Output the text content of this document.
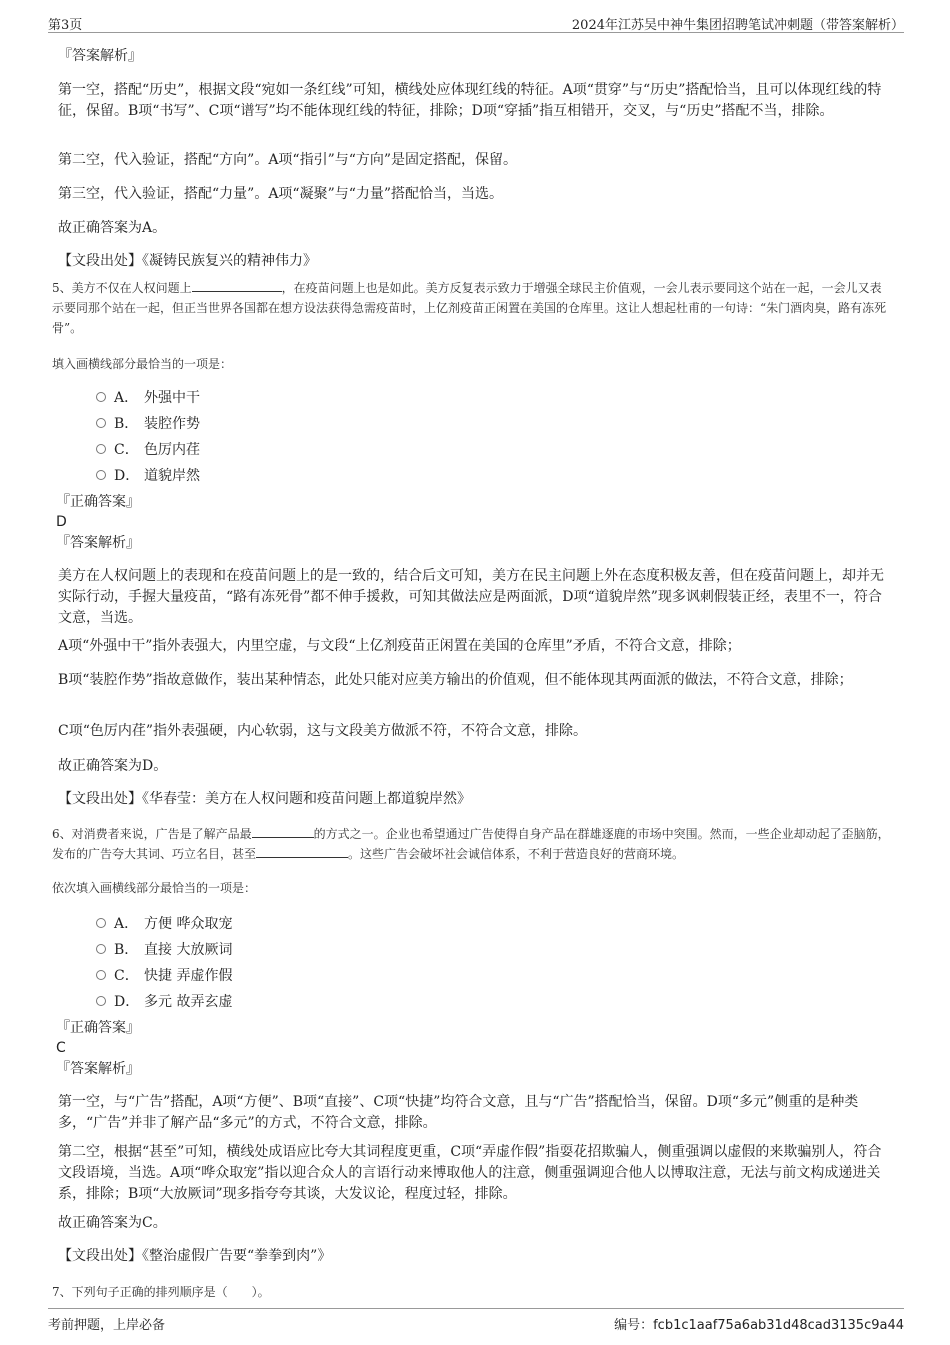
第3页	2024年江苏吴中神牛集团招聘笔试冲刺题（带答案解析）

『答案解析』

第一空，搭配“历史”，根据文段“宛如一条红线”可知，横线处应体现红线的特征。A项“贯穿”与“历史”搭配恰当，且可以体现红线的特征，保留。B项“书写”、C项“谱写”均不能体现红线的特征，排除；D项“穿插”指互相错开，交叉，与“历史”搭配不当，排除。

第二空，代入验证，搭配“方向”。A项“指引”与“方向”是固定搭配，保留。

第三空，代入验证，搭配“力量”。A项“凝聚”与“力量”搭配恰当，当选。

故正确答案为A。

【文段出处】《凝铸民族复兴的精神伟力》

5、美方不仅在人权问题上	，在疫苗问题上也是如此。美方反复表示致力于增强全球民主价值观，一会儿表示要同这个站在一起，一会儿又表示要同那个站在一起，但正当世界各国都在想方设法获得急需疫苗时，上亿剂疫苗正闲置在美国的仓库里。这让人想起杜甫的一句诗：“朱门酒肉臭，路有冻死骨”。

填入画横线部分最恰当的一项是：

A． 外强中干
B． 装腔作势
C． 色厉内荏
D． 道貌岸然

『正确答案』

D

『答案解析』

美方在人权问题上的表现和在疫苗问题上的是一致的，结合后文可知，美方在民主问题上外在态度积极友善，但在疫苗问题上，却并无实际行动，手握大量疫苗，“路有冻死骨”都不伸手援救，可知其做法应是两面派，D项“道貌岸然”现多讽刺假装正经，表里不一，符合文意，当选。

A项“外强中干”指外表强大，内里空虚，与文段“上亿剂疫苗正闲置在美国的仓库里”矛盾，不符合文意，排除；

B项“装腔作势”指故意做作，装出某种情态，此处只能对应美方输出的价值观，但不能体现其两面派的做法，不符合文意，排除；

C项“色厉内荏”指外表强硬，内心软弱，这与文段美方做派不符，不符合文意，排除。

故正确答案为D。

【文段出处】《华春莹：美方在人权问题和疫苗问题上都道貌岸然》

6、对消费者来说，广告是了解产品最	的方式之一。企业也希望通过广告使得自身产品在群雄逐鹿的市场中突围。然而，一些企业却动起了歪脑筋，发布的广告夸大其词、巧立名目，甚至	。这些广告会破坏社会诚信体系，不利于营造良好的营商环境。

依次填入画横线部分最恰当的一项是：

A． 方便 哗众取宠
B． 直接 大放厥词
C． 快捷 弄虚作假
D． 多元 故弄玄虚

『正确答案』

C

『答案解析』

第一空，与“广告”搭配，A项“方便”、B项“直接”、C项“快捷”均符合文意，且与“广告”搭配恰当，保留。D项“多元”侧重的是种类多，“广告”并非了解产品“多元”的方式，不符合文意，排除。

第二空，根据“甚至”可知，横线处成语应比夸大其词程度更重，C项“弄虚作假”指耍花招欺骗人，侧重强调以虚假的来欺骗别人，符合文段语境，当选。A项“哗众取宠”指以迎合众人的言语行动来博取他人的注意，侧重强调迎合他人以博取注意，无法与前文构成递进关系，排除；B项“大放厥词”现多指夸夸其谈，大发议论，程度过轻，排除。

故正确答案为C。

【文段出处】《整治虚假广告要“拳拳到肉”》

7、下列句子正确的排列顺序是（　　）。

考前押题，上岸必备	编号：fcb1c1aaf75a6ab31d48cad3135c9a44
